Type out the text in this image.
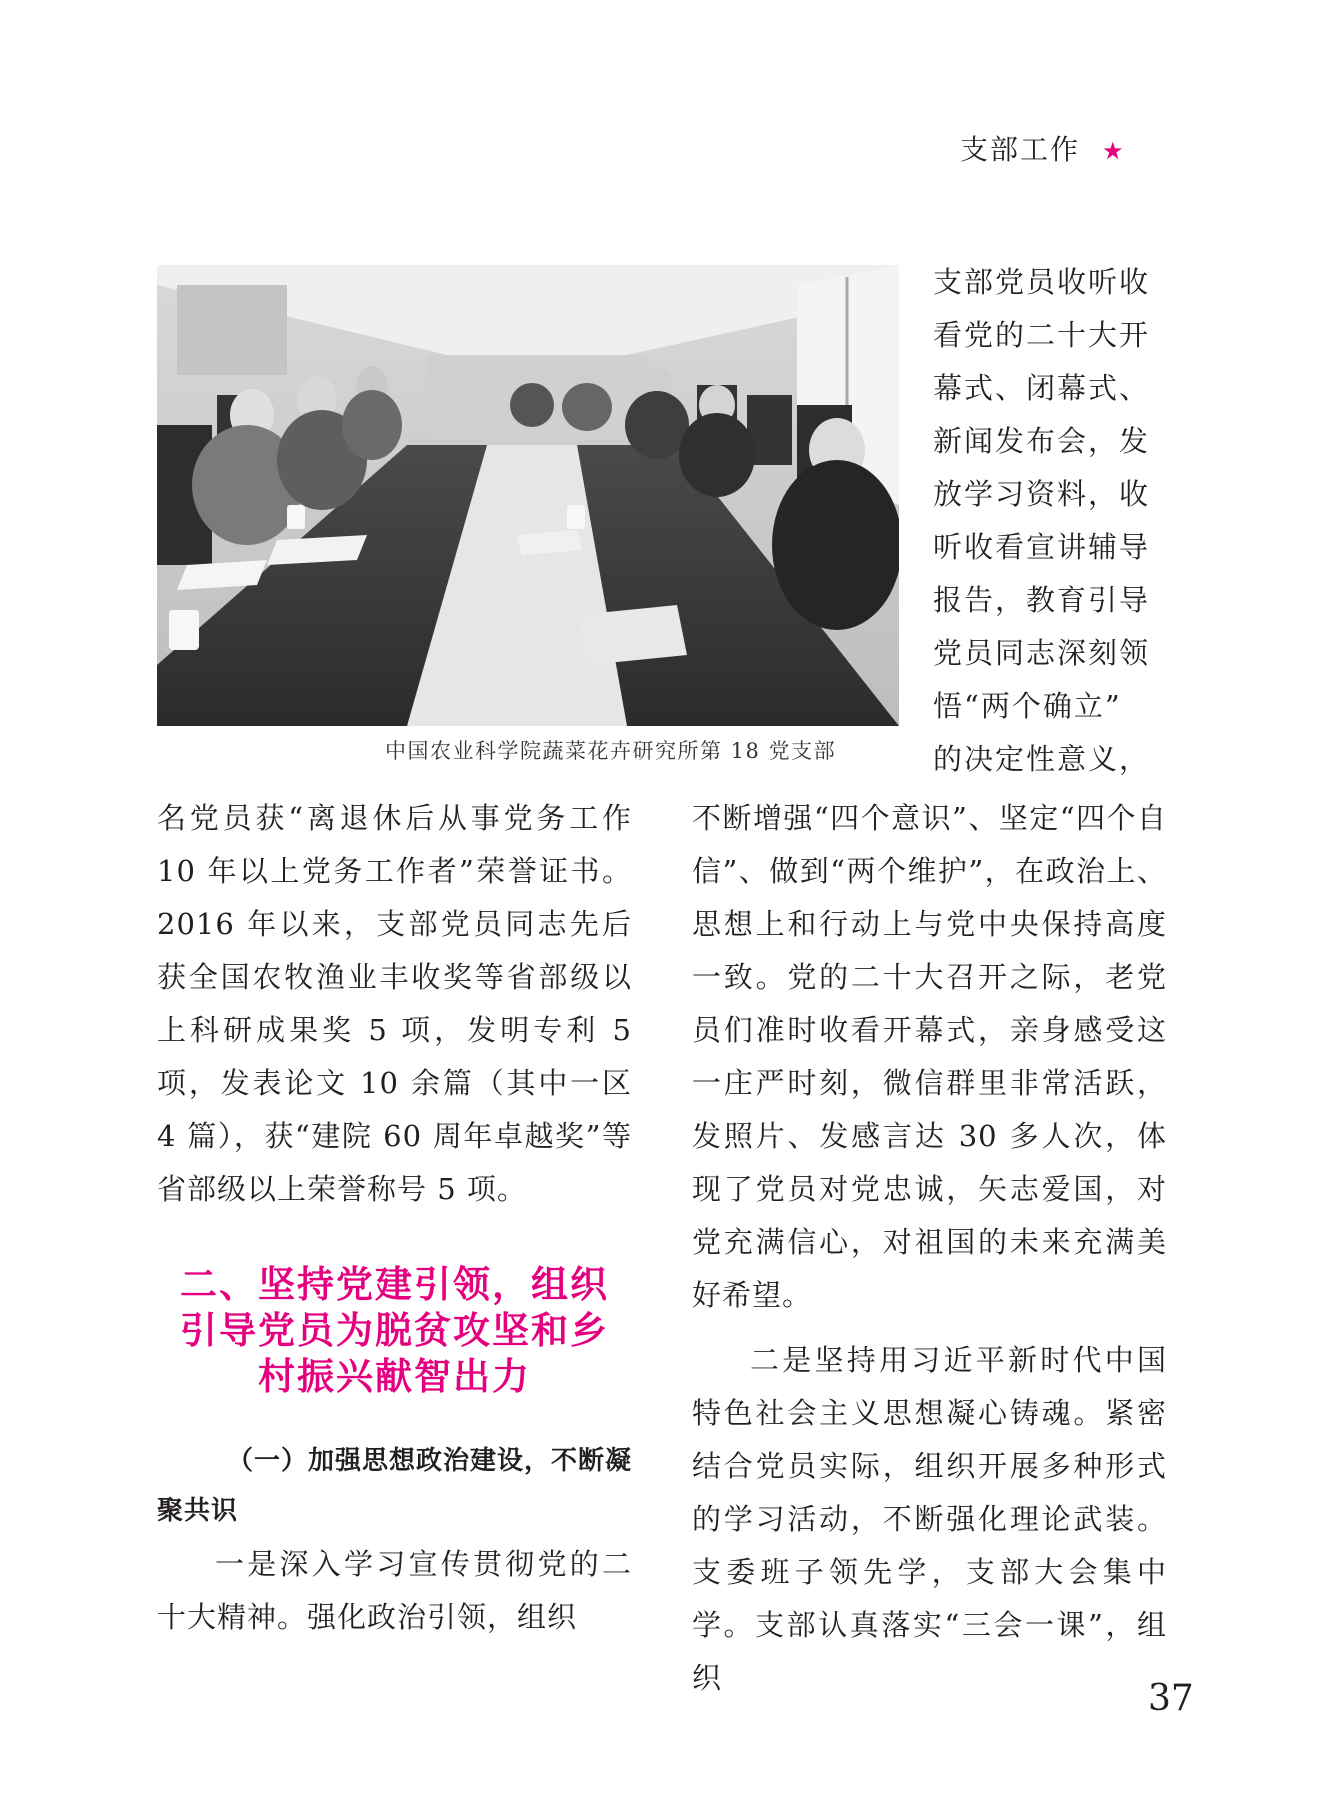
支部工作 ★
中国农业科学院蔬菜花卉研究所第 18 党支部

支部党员收听收

看党的二十大开

幕式、闭幕式、

新闻发布会，发

放学习资料，收

听收看宣讲辅导

报告，教育引导

党员同志深刻领

悟“两个确立”

的决定性意义，

名党员获“离退休后从事党务工作 10 年以上党务工作者”荣誉证书。2016 年以来，支部党员同志先后获全国农牧渔业丰收奖等省部级以上科研成果奖 5 项，发明专利 5 项，发表论文 10 余篇（其中一区 4 篇），获“建院 60 周年卓越奖”等省部级以上荣誉称号 5 项。

二、坚持党建引领，组织
引导党员为脱贫攻坚和乡
村振兴献智出力
（一）加强思想政治建设，不断凝聚共识

一是深入学习宣传贯彻党的二十大精神。强化政治引领，组织

不断增强“四个意识”、坚定“四个自信”、做到“两个维护”，在政治上、思想上和行动上与党中央保持高度一致。党的二十大召开之际，老党员们准时收看开幕式，亲身感受这一庄严时刻，微信群里非常活跃，发照片、发感言达 30 多人次，体现了党员对党忠诚，矢志爱国，对党充满信心，对祖国的未来充满美好希望。

二是坚持用习近平新时代中国特色社会主义思想凝心铸魂。紧密结合党员实际，组织开展多种形式的学习活动，不断强化理论武装。支委班子领先学，支部大会集中学。支部认真落实“三会一课”，组织	37
